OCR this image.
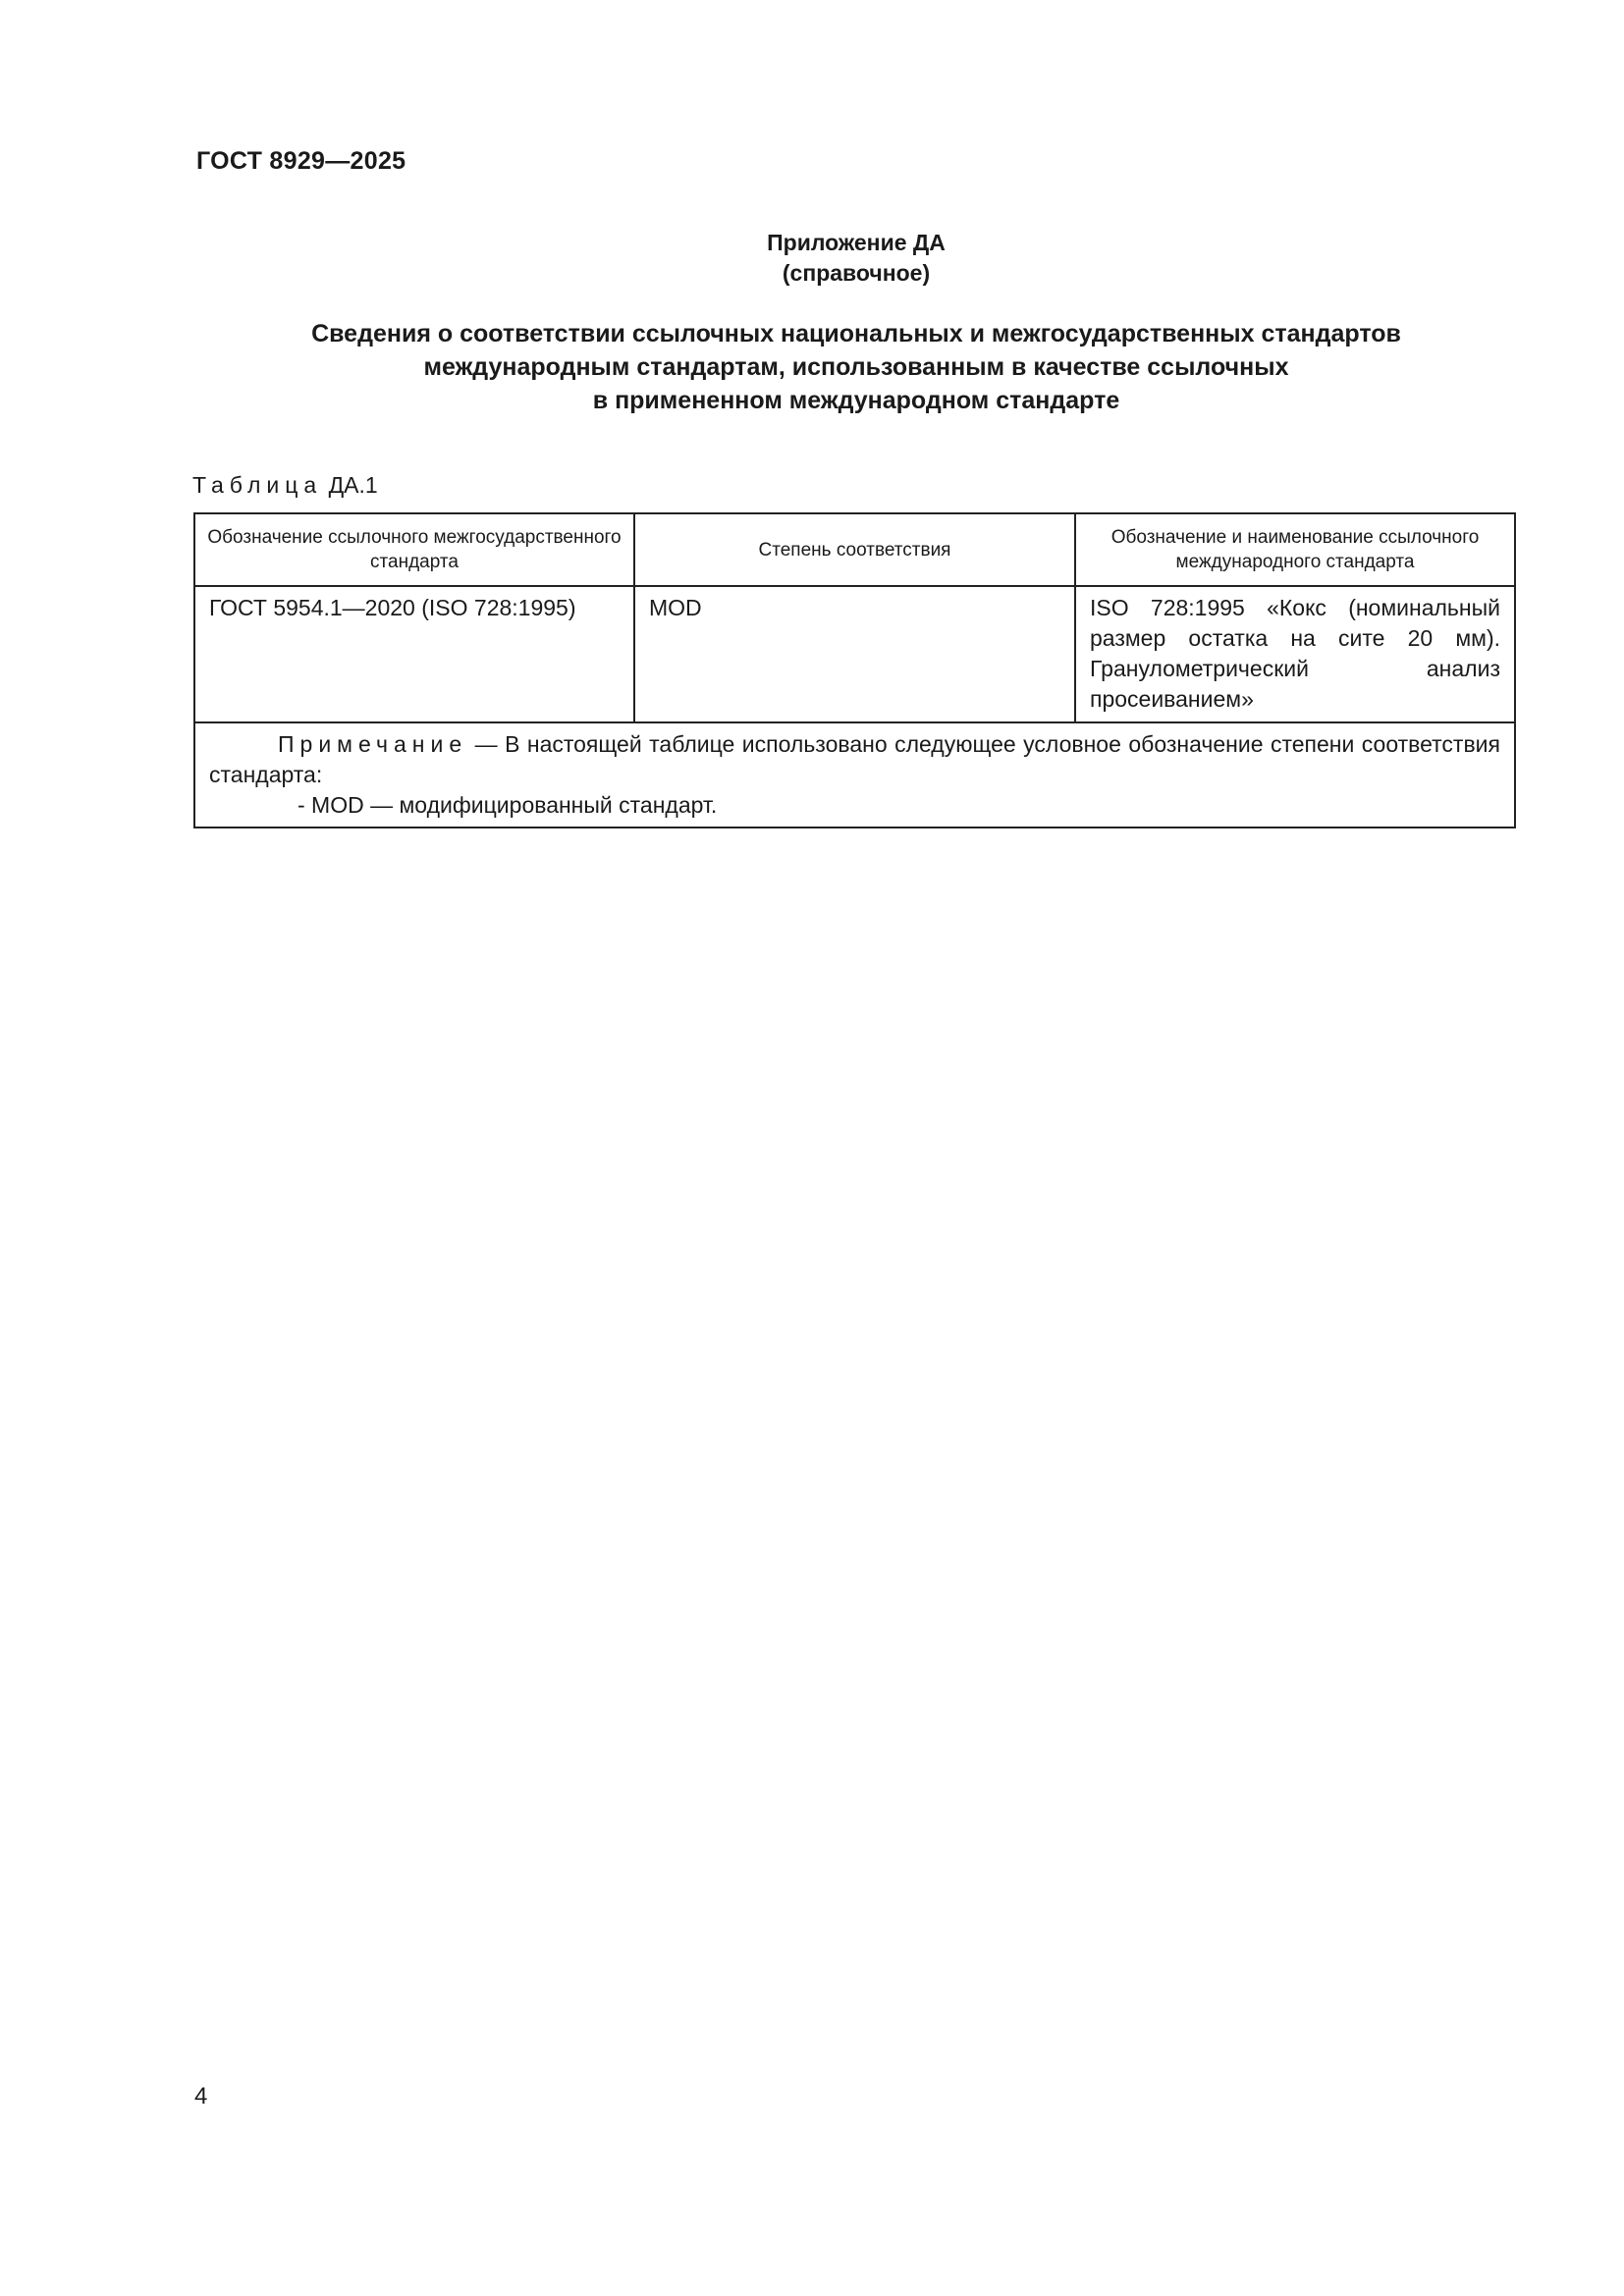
ГОСТ 8929—2025
Приложение ДА
(справочное)
Сведения о соответствии ссылочных национальных и межгосударственных стандартов
международным стандартам, использованным в качестве ссылочных
в примененном международном стандарте
Таблица ДА.1
Обозначение ссылочного межгосударственного стандарта	Степень соответствия	Обозначение и наименование ссылочного международного стандарта
ГОСТ 5954.1—2020 (ISO 728:1995)	MOD	ISO 728:1995 «Кокс (номинальный размер остатка на сите 20 мм). Гранулометрический анализ просеиванием»

Примечание — В настоящей таблице использовано следующее условное обозначение степени соответствия стандарта:
- MOD — модифицированный стандарт.		
4
